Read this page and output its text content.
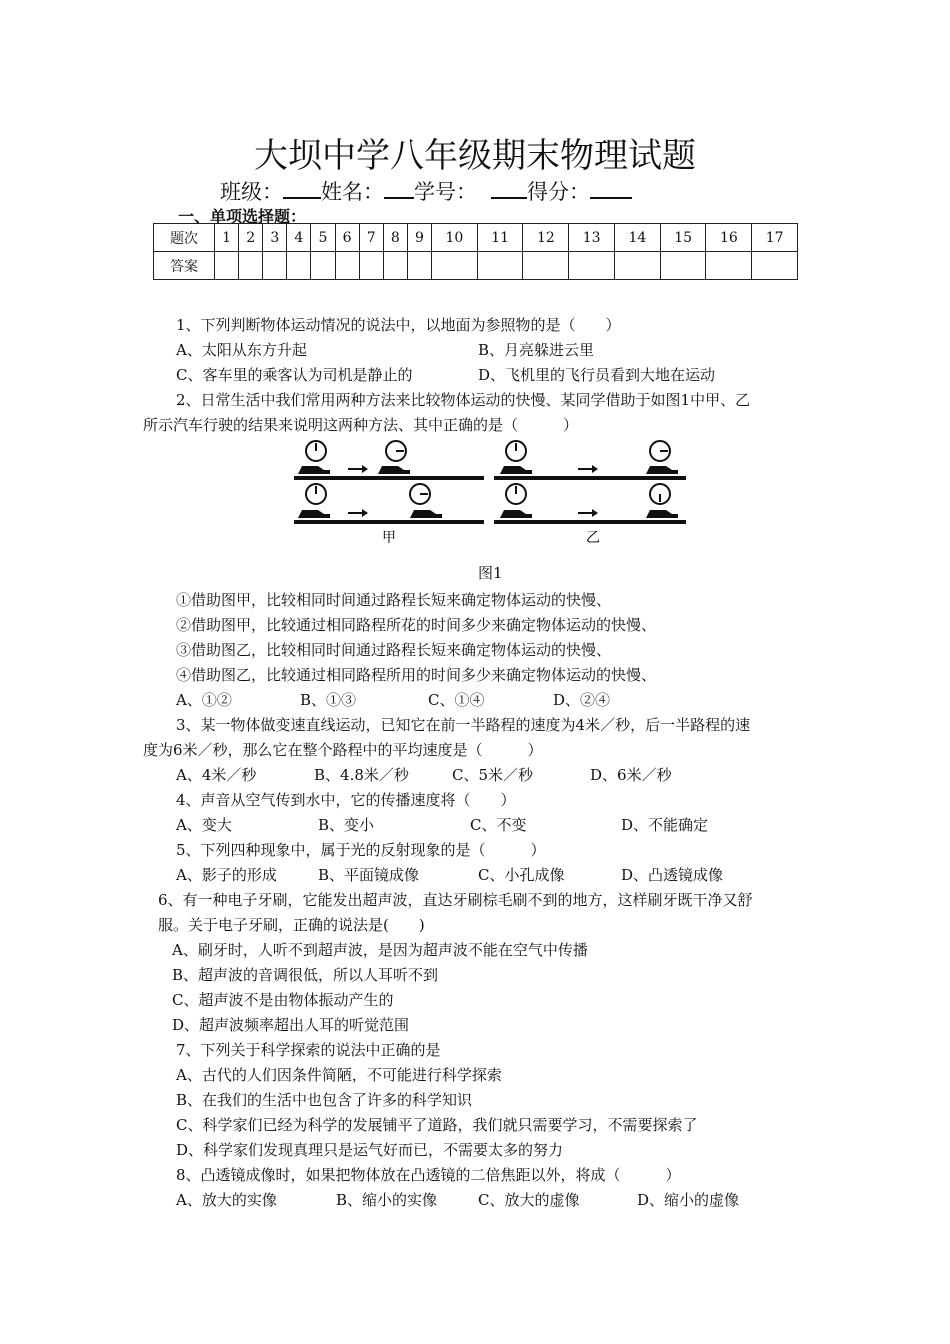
大坝中学八年级期末物理试题
班级： 姓名： 学号： 得分：
一、单项选择题：
题次	1	2	3	4	5	6	7	8	9	10	11	12	13	14	15	16	17
答案																	
1、下列判断物体运动情况的说法中，以地面为参照物的是（　　）
A、太阳从东方升起	B、月亮躲进云里
C、客车里的乘客认为司机是静止的	D、飞机里的飞行员看到大地在运动
2、日常生活中我们常用两种方法来比较物体运动的快慢、某同学借助于如图1中甲、乙
所示汽车行驶的结果来说明这两种方法、其中正确的是（　　　）
甲	乙
图1
①借助图甲，比较相同时间通过路程长短来确定物体运动的快慢、
②借助图甲，比较通过相同路程所花的时间多少来确定物体运动的快慢、
③借助图乙，比较相同时间通过路程长短来确定物体运动的快慢、
④借助图乙，比较通过相同路程所用的时间多少来确定物体运动的快慢、
A、①②	B、①③	C、①④	D、②④
3、某一物体做变速直线运动，已知它在前一半路程的速度为4米／秒，后一半路程的速
度为6米／秒，那么它在整个路程中的平均速度是（　　　）
A、4米／秒	B、4.8米／秒	C、5米／秒	D、6米／秒
4、声音从空气传到水中，它的传播速度将（　　）
A、变大	B、变小	C、不变	D、不能确定
5、下列四种现象中，属于光的反射现象的是（　　　）
A、影子的形成	B、平面镜成像	C、小孔成像	D、凸透镜成像
6、有一种电子牙刷，它能发出超声波，直达牙刷棕毛刷不到的地方，这样刷牙既干净又舒
服。关于电子牙刷，正确的说法是(　　)
A、刷牙时，人听不到超声波，是因为超声波不能在空气中传播
B、超声波的音调很低，所以人耳听不到
C、超声波不是由物体振动产生的
D、超声波频率超出人耳的听觉范围
7、下列关于科学探索的说法中正确的是
A、古代的人们因条件简陋，不可能进行科学探索
B、在我们的生活中也包含了许多的科学知识
C、科学家们已经为科学的发展铺平了道路，我们就只需要学习，不需要探索了
D、科学家们发现真理只是运气好而已，不需要太多的努力
8、凸透镜成像时，如果把物体放在凸透镜的二倍焦距以外，将成（　　　）
A、放大的实像	B、缩小的实像	C、放大的虚像	D、缩小的虚像
